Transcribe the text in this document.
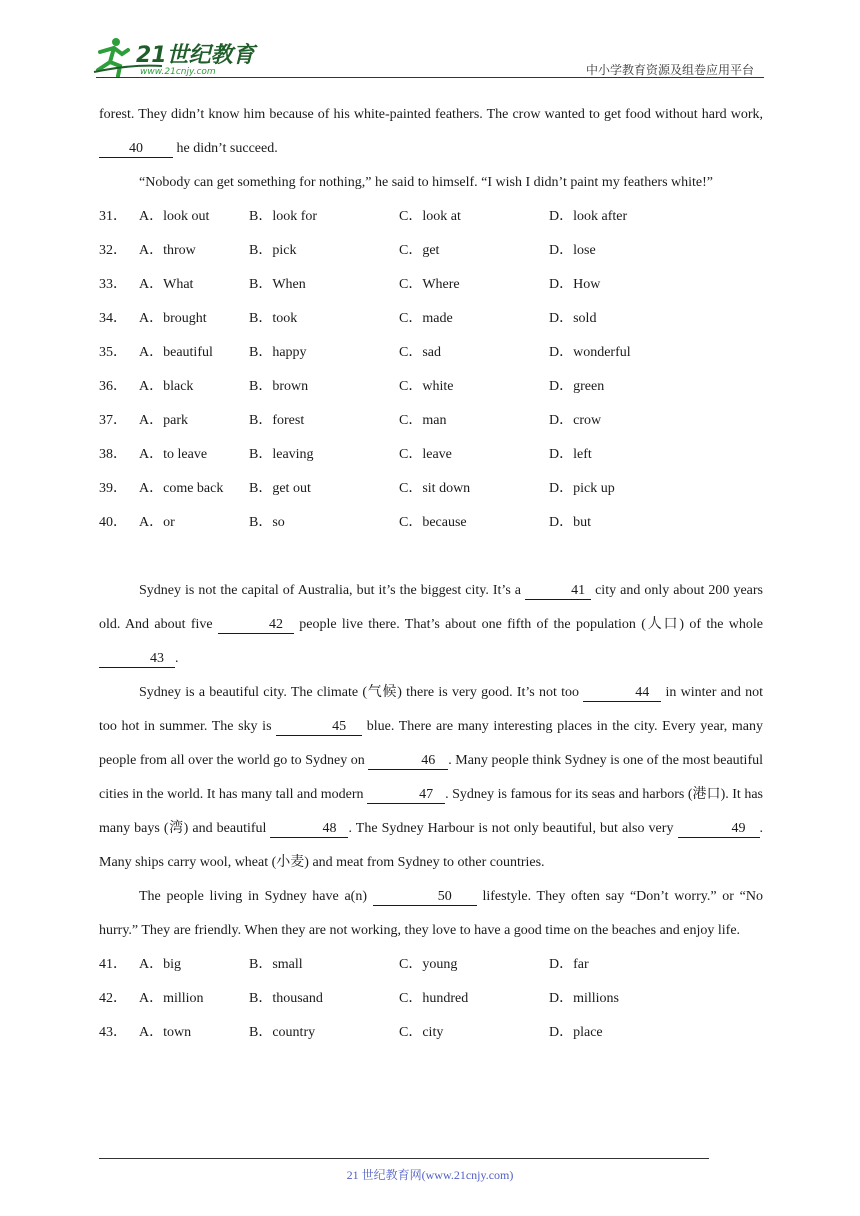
21世纪教育
www.21cnjy.com	中小学教育资源及组卷应用平台

forest. They didn’t know him because of his white-painted feathers. The crow wanted to get food without hard work, 40 he didn’t succeed.

“Nobody can get something for nothing,” he said to himself. “I wish I didn’t paint my feathers white!”

31． A．look out	B．look for	C．look at	D．look after
32． A．throw	B．pick	C．get	D．lose
33． A．What	B．When	C．Where	D．How
34． A．brought	B．took	C．made	D．sold
35． A．beautiful	B．happy	C．sad	D．wonderful
36． A．black	B．brown	C．white	D．green
37． A．park	B．forest	C．man	D．crow
38． A．to leave	B．leaving	C．leave	D．left
39． A．come back	B．get out	C．sit down	D．pick up
40． A．or	B．so	C．because	D．but

Sydney is not the capital of Australia, but it’s the biggest city. It’s a	41 city and only about 200 years old. And about five	42 people live there. That’s about one fifth of the population (人口) of the whole 43 .

Sydney is a beautiful city. The climate (气候) there is very good. It’s not too	44 in winter and not too hot in summer. The sky is	45 blue. There are many interesting places in the city. Every year, many people from all over the world go to Sydney on	46 . Many people think Sydney is one of the most beautiful cities in the world. It has many tall and modern	47 . Sydney is famous for its seas and harbors (港口). It has many bays (湾) and beautiful	48 . The Sydney Harbour is not only beautiful, but also very	49 . Many ships carry wool, wheat (小麦) and meat from Sydney to other countries.

The people living in Sydney have a(n)	50 lifestyle. They often say “Don’t worry.” or “No hurry.” They are friendly. When they are not working, they love to have a good time on the beaches and enjoy life.

41． A．big	B．small	C．young	D．far
42． A．million	B．thousand	C．hundred	D．millions
43． A．town	B．country	C．city	D．place
21 世纪教育网(www.21cnjy.com)
